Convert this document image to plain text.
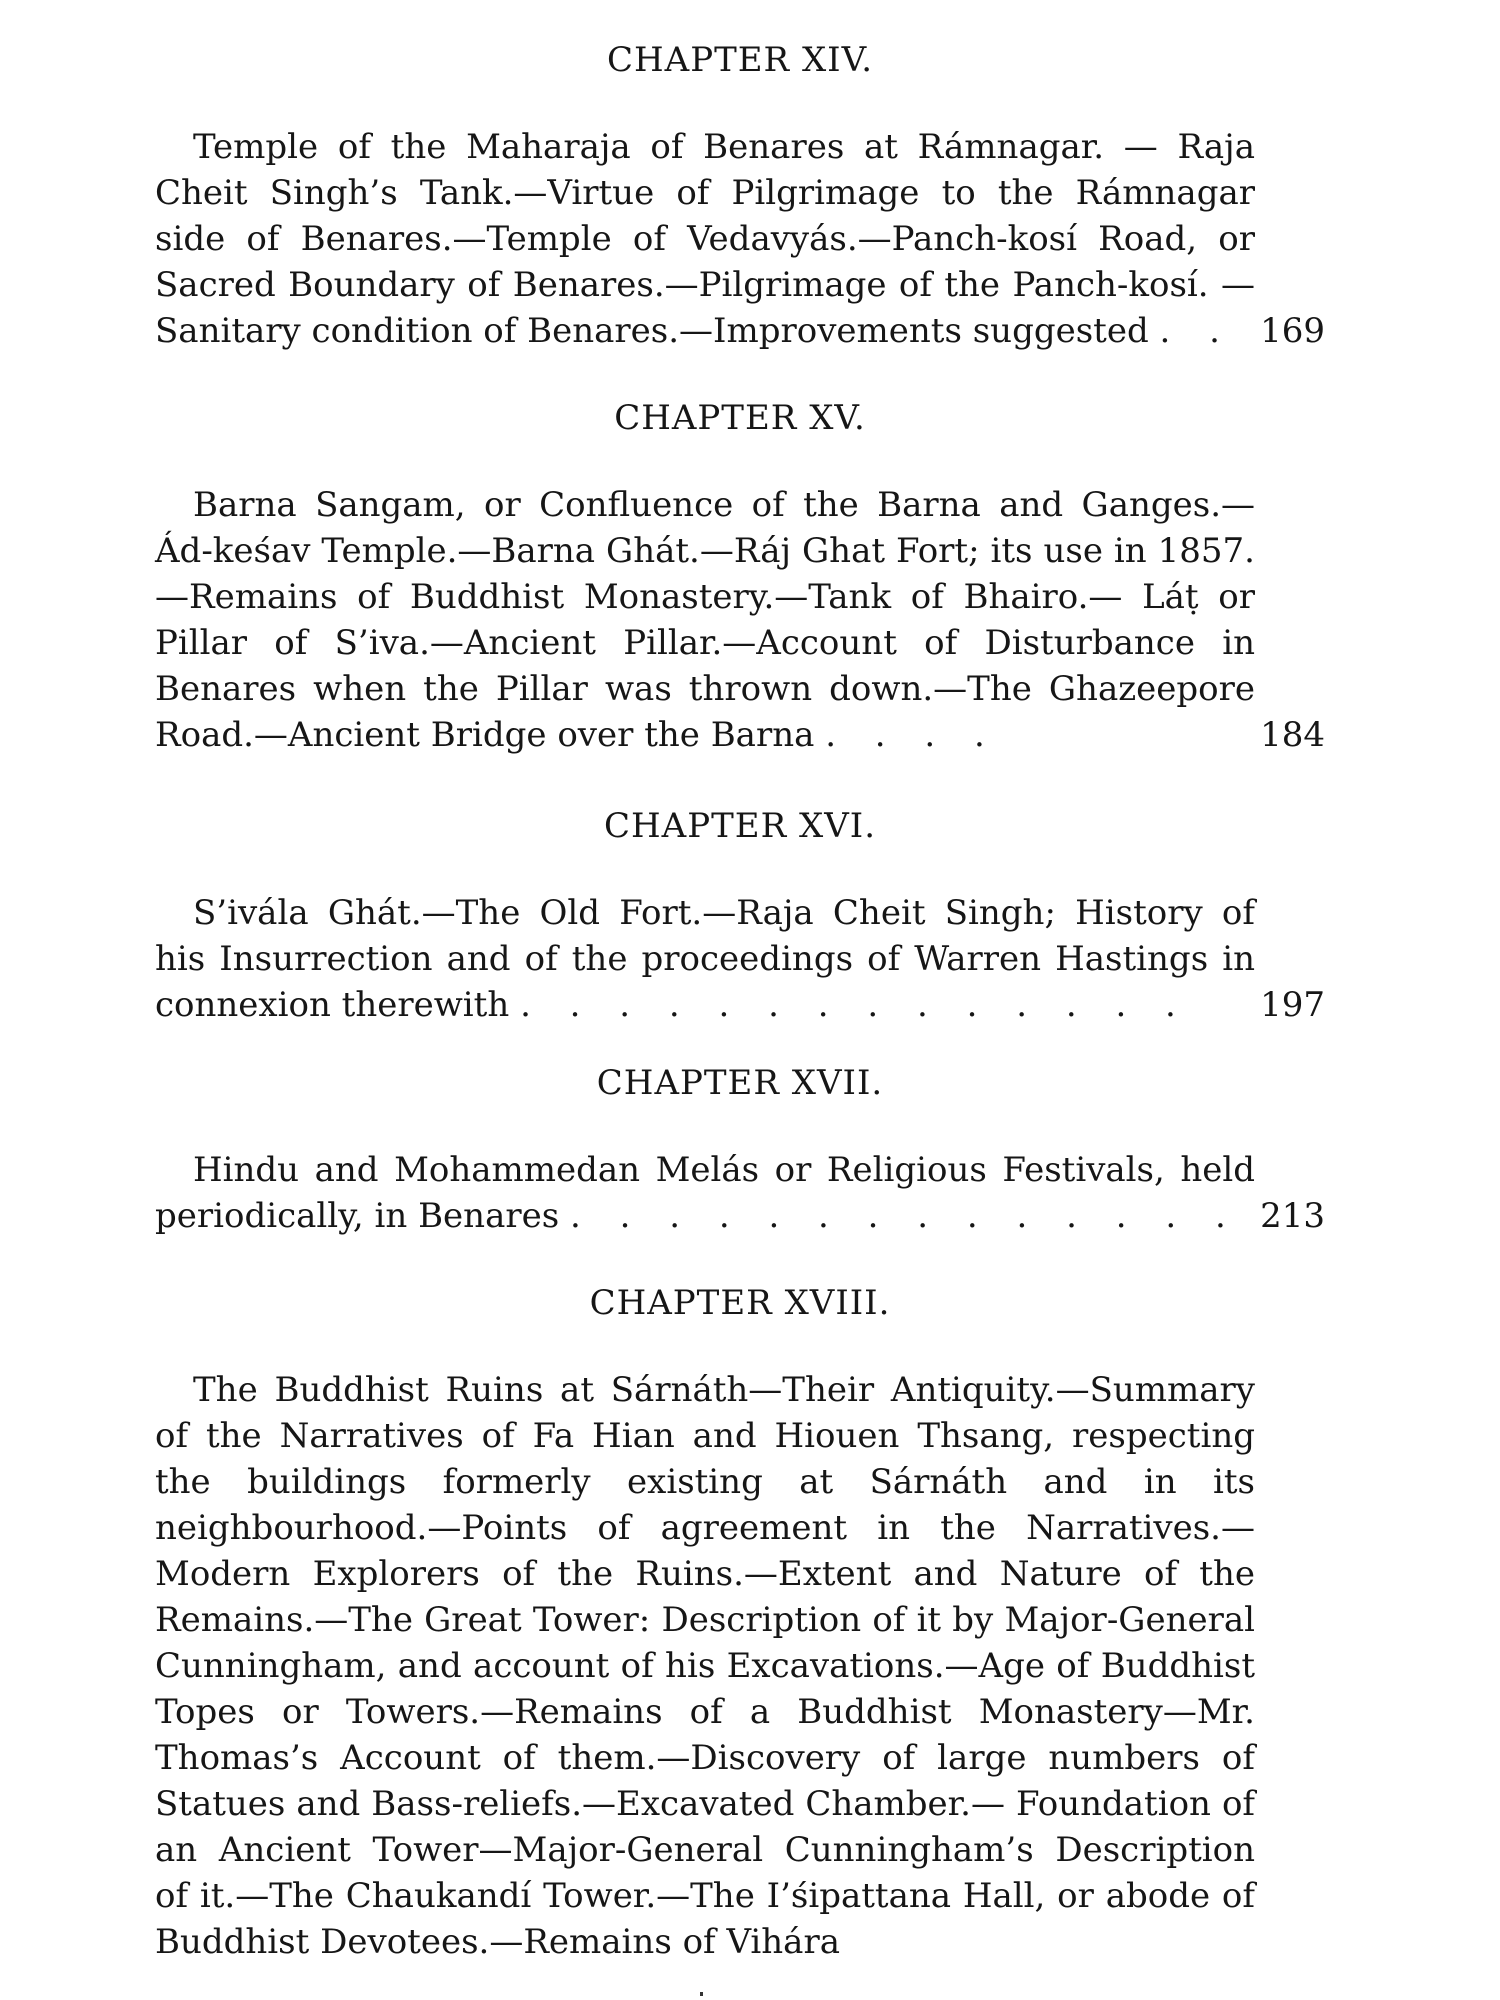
CHAPTER XIV.

Temple of the Maharaja of Benares at Rámnagar. — Raja Cheit Singh’s Tank.—Virtue of Pilgrimage to the Rámnagar side of Benares.—Temple of Vedavyás.—Panch-kosí Road, or Sacred Boundary of Benares.—Pilgrimage of the Panch-kosí. —Sanitary condition of Benares.—Improvements suggested . . 169
CHAPTER XV.

Barna Sangam, or Confluence of the Barna and Ganges.— Ád-keśav Temple.—Barna Ghát.—Ráj Ghat Fort; its use in 1857.—Remains of Buddhist Monastery.—Tank of Bhairo.— Láṭ or Pillar of S’iva.—Ancient Pillar.—Account of Disturbance in Benares when the Pillar was thrown down.—The Ghazeepore Road.—Ancient Bridge over the Barna . . . .	184
CHAPTER XVI.

S’ivála Ghát.—The Old Fort.—Raja Cheit Singh; History of his Insurrection and of the proceedings of Warren Hastings in connexion therewith . . . . . . . . . . . . . .	197
CHAPTER XVII.

Hindu and Mohammedan Melás or Religious Festivals, held periodically, in Benares . . . . . . . . . . . . . . 213
CHAPTER XVIII.

The Buddhist Ruins at Sárnáth—Their Antiquity.—Summary of the Narratives of Fa Hian and Hiouen Thsang, respecting the buildings formerly existing at Sárnáth and in its neighbourhood.—Points of agreement in the Narratives.— Modern Explorers of the Ruins.—Extent and Nature of the Remains.—The Great Tower: Description of it by Major-General Cunningham, and account of his Excavations.—Age of Buddhist Topes or Towers.—Remains of a Buddhist Monastery—Mr. Thomas’s Account of them.—Discovery of large numbers of Statues and Bass-reliefs.—Excavated Chamber.— Foundation of an Ancient Tower—Major-General Cunningham’s Description of it.—The Chaukandí Tower.—The I’śipattana Hall, or abode of Buddhist Devotees.—Remains of Vihára
